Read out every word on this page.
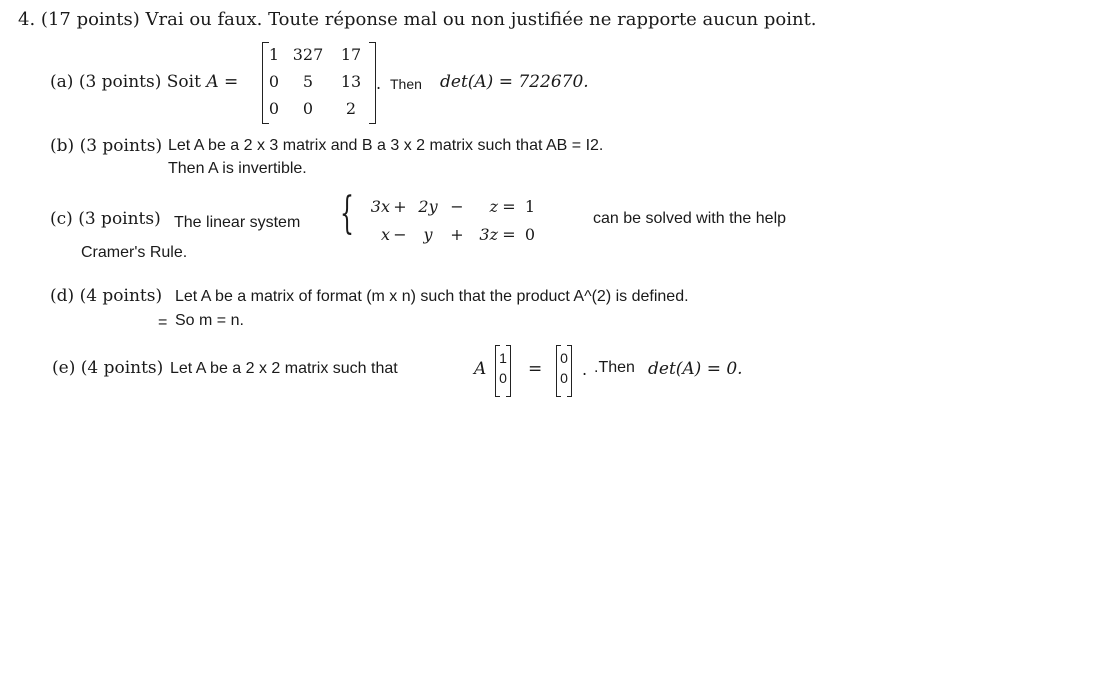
4. (17 points) Vrai ou faux. Toute réponse mal ou non justifiée ne rapporte aucun point.
(a) (3 points) Soit A =
1 327	17
0	5	13
0	0	2
. Then det(A) = 722670.
(b) (3 points) Let A be a 2 x 3 matrix and B a 3 x 2 matrix such that AB = I2.
Then A is invertible.
(c) (3 points) The linear system {	3x + 2y −	z = 1
x −	y	+ 3z = 0
can be solved with the help
Cramer's Rule.
(d) (4 points) Let A be a matrix of format (m x n) such that the product A^(2) is defined.
= So m = n.
(e) (4 points) Let A be a 2 x 2 matrix such that	A
1
0 =
0
0 . .Then det(A) = 0.
